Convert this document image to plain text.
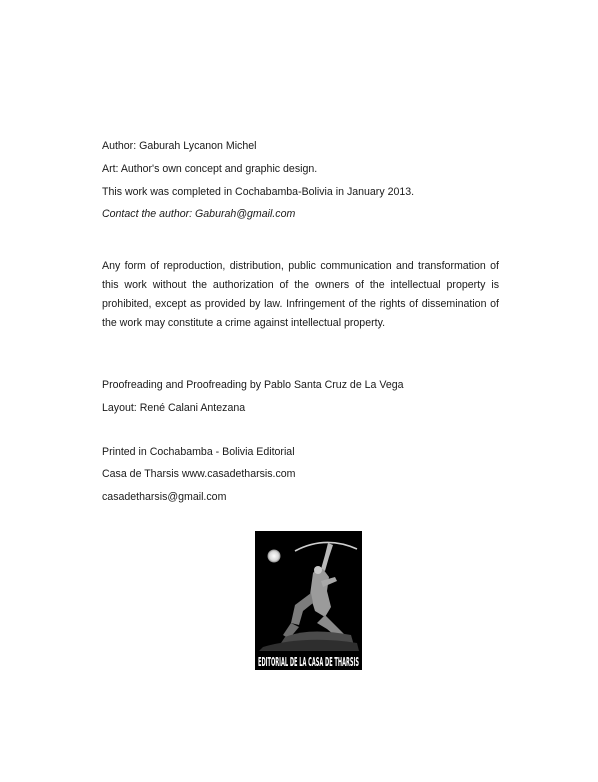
Author: Gaburah Lycanon Michel

Art: Author's own concept and graphic design.

This work was completed in Cochabamba-Bolivia in January 2013.

Contact the author: Gaburah@gmail.com

Any form of reproduction, distribution, public communication and transformation of this work without the authorization of the owners of the intellectual property is prohibited, except as provided by law. Infringement of the rights of dissemination of the work may constitute a crime against intellectual property.

Proofreading and Proofreading by Pablo Santa Cruz de La Vega

Layout: René Calani Antezana

Printed in Cochabamba - Bolivia Editorial

Casa de Tharsis www.casadetharsis.com

casadetharsis@gmail.com

EDITORIAL DE LA CASA DE THARSIS
